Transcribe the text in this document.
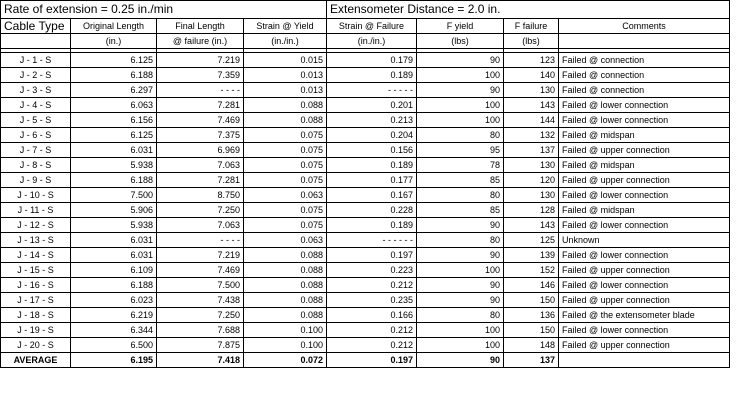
Rate of extension = 0.25 in./min				Extensometer Distance = 2.0 in.			
Cable Type	Original Length	Final Length	Strain @ Yield	Strain @ Failure	F yield	F failure	Comments
	(in.)	@ failure (in.)	(in./in.)	(in./in.)	(lbs)	(lbs)	

J - 1 - S	6.125	7.219	0.015	0.179	90	123	Failed @ connection
J - 2 - S	6.188	7.359	0.013	0.189	100	140	Failed @ connection
J - 3 - S	6.297	- - - -	0.013	- - - - -	90	130	Failed @ connection
J - 4 - S	6.063	7.281	0.088	0.201	100	143	Failed @ lower connection
J - 5 - S	6.156	7.469	0.088	0.213	100	144	Failed @ lower connection
J - 6 - S	6.125	7.375	0.075	0.204	80	132	Failed @ midspan
J - 7 - S	6.031	6.969	0.075	0.156	95	137	Failed @ upper connection
J - 8 - S	5.938	7.063	0.075	0.189	78	130	Failed @ midspan
J - 9 - S	6.188	7.281	0.075	0.177	85	120	Failed @ upper connection
J - 10 - S	7.500	8.750	0.063	0.167	80	130	Failed @ lower connection
J - 11 - S	5.906	7.250	0.075	0.228	85	128	Failed @ midspan
J - 12 - S	5.938	7.063	0.075	0.189	90	143	Failed @ lower connection
J - 13 - S	6.031	- - - -	0.063	- - - - - -	80	125	Unknown
J - 14 - S	6.031	7.219	0.088	0.197	90	139	Failed @ lower connection
J - 15 - S	6.109	7.469	0.088	0.223	100	152	Failed @ upper connection
J - 16 - S	6.188	7.500	0.088	0.212	90	146	Failed @ lower connection
J - 17 - S	6.023	7.438	0.088	0.235	90	150	Failed @ upper connection
J - 18 - S	6.219	7.250	0.088	0.166	80	136	Failed @ the extensometer blade
J - 19 - S	6.344	7.688	0.100	0.212	100	150	Failed @ lower connection
J - 20 - S	6.500	7.875	0.100	0.212	100	148	Failed @ upper connection
AVERAGE	6.195	7.418	0.072	0.197	90	137	
